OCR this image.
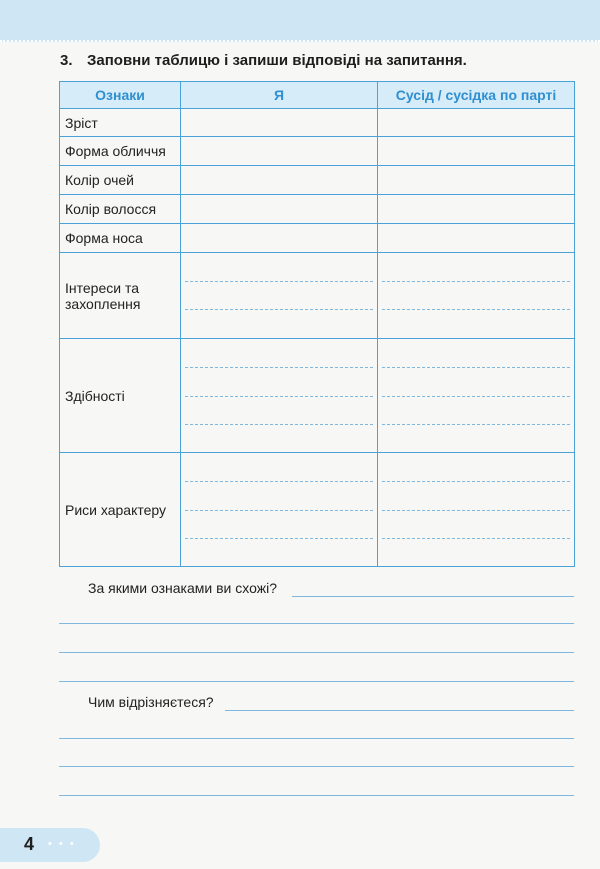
3. Заповни таблицю і запиши відповіді на запитання.
Ознаки	Я	Сусід / сусідка по парті
Зріст		
Форма обличчя		
Колір очей		
Колір волосся		
Форма носа		
Інтереси та захоплення	

Здібності	

Риси характеру	

За якими ознаками ви схожі?
Чим відрізняєтеся?
4 • • •
